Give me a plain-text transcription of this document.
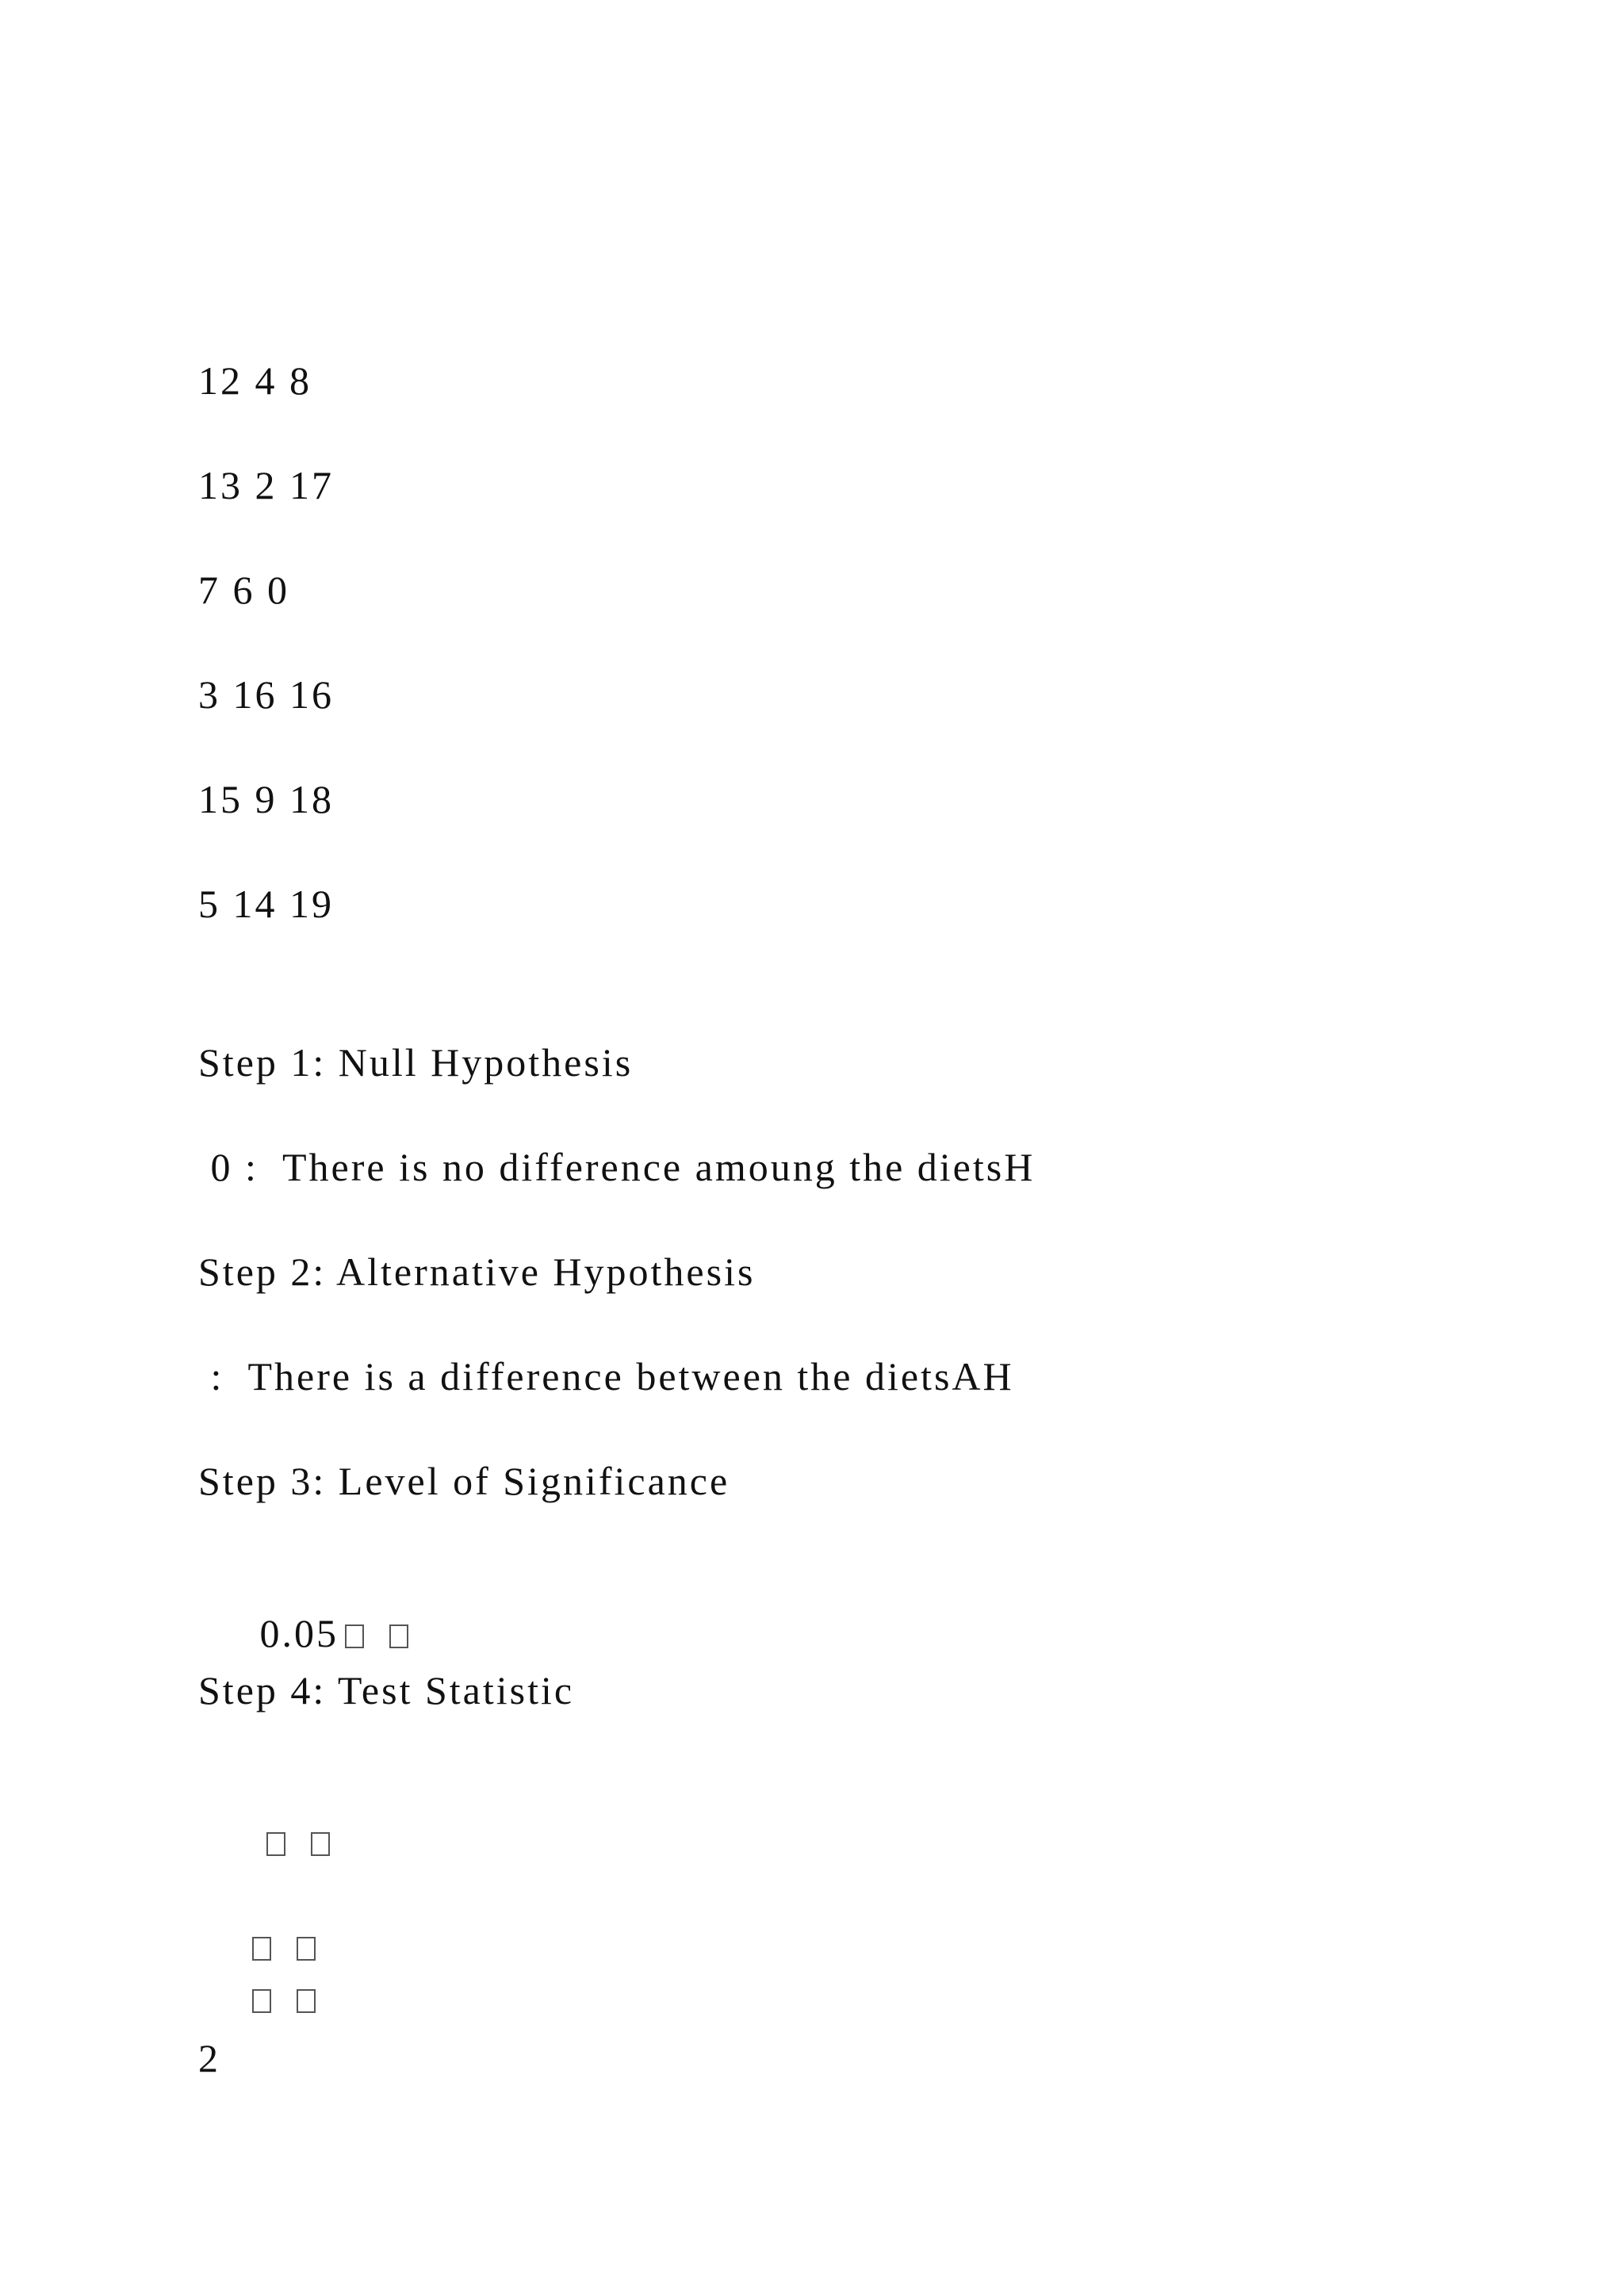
12 4 8
13 2 17
7 6 0
3 16 16
15 9 18
5 14 19
Step 1: Null Hypothesis
0 :  There is no difference amoung the dietsH
Step 2: Alternative Hypothesis
:  There is a difference between the dietsAH
Step 3: Level of Significance

0.05

Step 4: Test Statistic

2
